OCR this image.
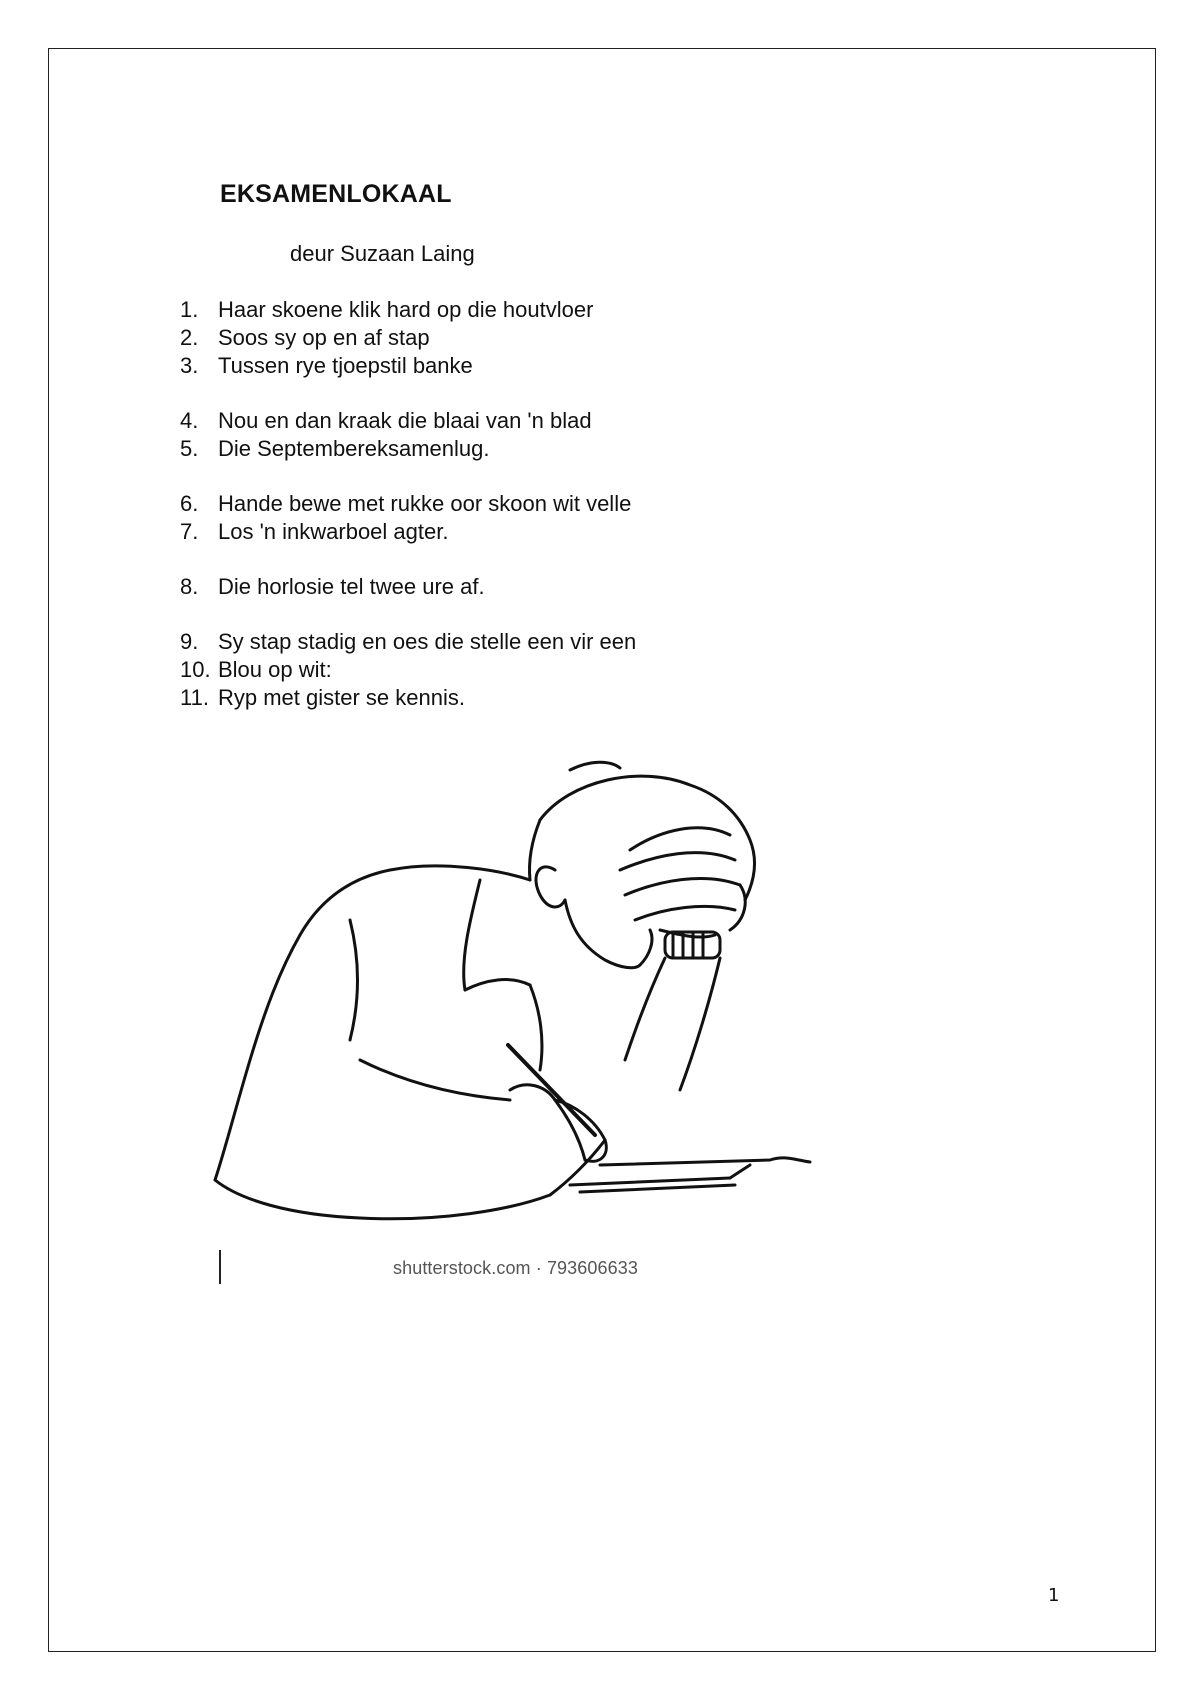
EKSAMENLOKAAL
deur Suzaan Laing
1. Haar skoene klik hard op die houtvloer
2. Soos sy op en af stap
3. Tussen rye tjoepstil banke
4. Nou en dan kraak die blaai van 'n blad
5. Die Septembereksamenlug.
6. Hande bewe met rukke oor skoon wit velle
7. Los 'n inkwarboel agter.
8. Die horlosie tel twee ure af.
9. Sy stap stadig en oes die stelle een vir een
10. Blou op wit:
11. Ryp met gister se kennis.
shutterstock.com · 793606633
1
